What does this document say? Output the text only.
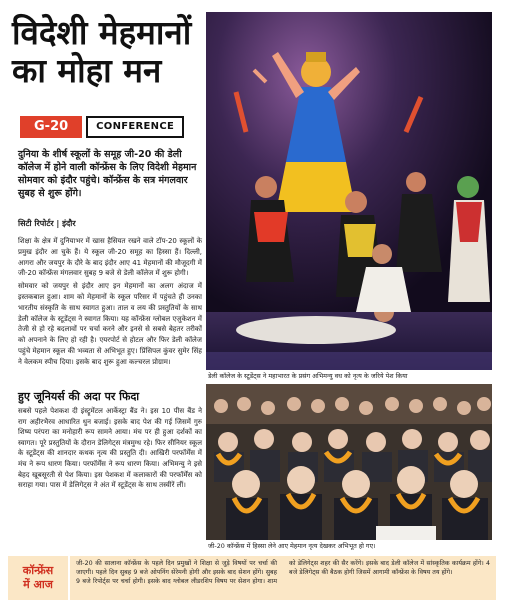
विदेशी मेहमानों
का मोहा मन
G-20	CONFERENCE
दुनिया के शीर्ष स्कूलों के समूह जी-20 की डेली कॉलेज में होने वाली कॉन्फ्रेंस के लिए विदेशी मेहमान सोमवार को इंदौर पहुंचे। कॉन्फ्रेंस के सत्र मंगलवार सुबह से शुरू होंगे।
सिटी रिपोर्टर | इंदौर

शिक्षा के क्षेत्र में दुनियाभर में खास हैसियत रखने वाले टॉप-20 स्कूलों के प्रमुख इंदौर आ चुके हैं। ये स्कूल जी-20 समूह का हिस्सा हैं। दिल्ली, आगरा और जयपुर के दौरे के बाद इंदौर आए 41 मेहमानों की मौजूदगी में जी-20 कॉन्फ्रेंस मंगलवार सुबह 9 बजे से डेली कॉलेज में शुरू होगी।

सोमवार को जयपुर से इंदौर आए इन मेहमानों का अलग अंदाज में इस्तकबाल हुआ। शाम को मेहमानों के स्कूल परिसर में पहुंचते ही उनका भारतीय संस्कृति के साथ स्वागत हुआ। ताल व लय की प्रस्तुतियों के साथ डेली कॉलेज के स्टूडेंट्स ने स्वागत किया। यह कॉन्फ्रेंस ग्लोबल एजुकेशन में तेजी से हो रहे बदलावों पर चर्चा करने और इनसे से सबसे बेहतर तरीकों को अपनाने के लिए हो रही है। एयरपोर्ट से होटल और फिर डेली कॉलेज पहुंचे मेहमान स्कूल की भव्यता से अभिभूत हुए। प्रिंसिपल कुंवर सुमेर सिंह ने वेलकम स्पीच दिया। इसके बाद शुरू हुआ कल्चरल प्रोग्राम।

हुए जूनियर्स की अदा पर फिदा
सबसे पहले पेशकश दी इंस्ट्रूमेंटल आर्केस्ट्रा बैंड ने। इस 10 पीस बैंड ने राग अहीरभैरव आधारित धुन बजाई। इसके बाद पेश की गई जिसमें गुरु शिष्य परंपरा का मनोहारी रूप सामने आया। मंच पर ही हुआ दर्शकों का स्वागत। पूरे प्रस्तुतियों के दौरान डेलिगेट्स मंत्रमुग्ध रहे। फिर सीनियर स्कूल के स्टूडेंट्स की शानदार कथक नृत्य की प्रस्तुति दी। आखिरी परफॉर्मेंस में मंच ने रूप धारण किया। परफॉर्मेंस ने रूप धारण किया। अभिमन्यु ने इसे बेहद खूबसूरती से पेश किया। इस पेशकश में कलाकारों की परफॉर्मेंस को सराहा गया। पास में डेलिगेट्स ने अंत में स्टूडेंट्स के साथ तस्वीरें लीं।
डेली कॉलेज के स्टूडेंट्स ने महाभारत के प्रसंग अभिमन्यु वध को नृत्य के जरिये पेश किया
जी-20 कॉन्फ्रेंस में हिस्सा लेने आए मेहमान नृत्य देखकर अभिभूत हो गए।
कॉन्फ्रेंस
में आज
जी-20 की सालाना कॉन्फ्रेंस के पहले दिन प्रमुखों ने शिक्षा से जुड़े विषयों पर चर्चा की जाएगी। पहले दिन सुबह 9 बजे ओपनिंग सेरेमनी होगी और इसके बाद सेशन होंगे। सुबह 9 बजे रिपोर्ट्स पर चर्चा होगी। इसके बाद ग्लोबल लीडरशिप विषय पर सेशन होगा। शाम को डेलिगेट्स शहर की सैर करेंगे। इसके बाद डेली कॉलेज में सांस्कृतिक कार्यक्रम होंगे। 4 बजे डेलिगेट्स की बैठक होगी जिसमें आगामी कॉन्फ्रेंस के विषय तय होंगे।
